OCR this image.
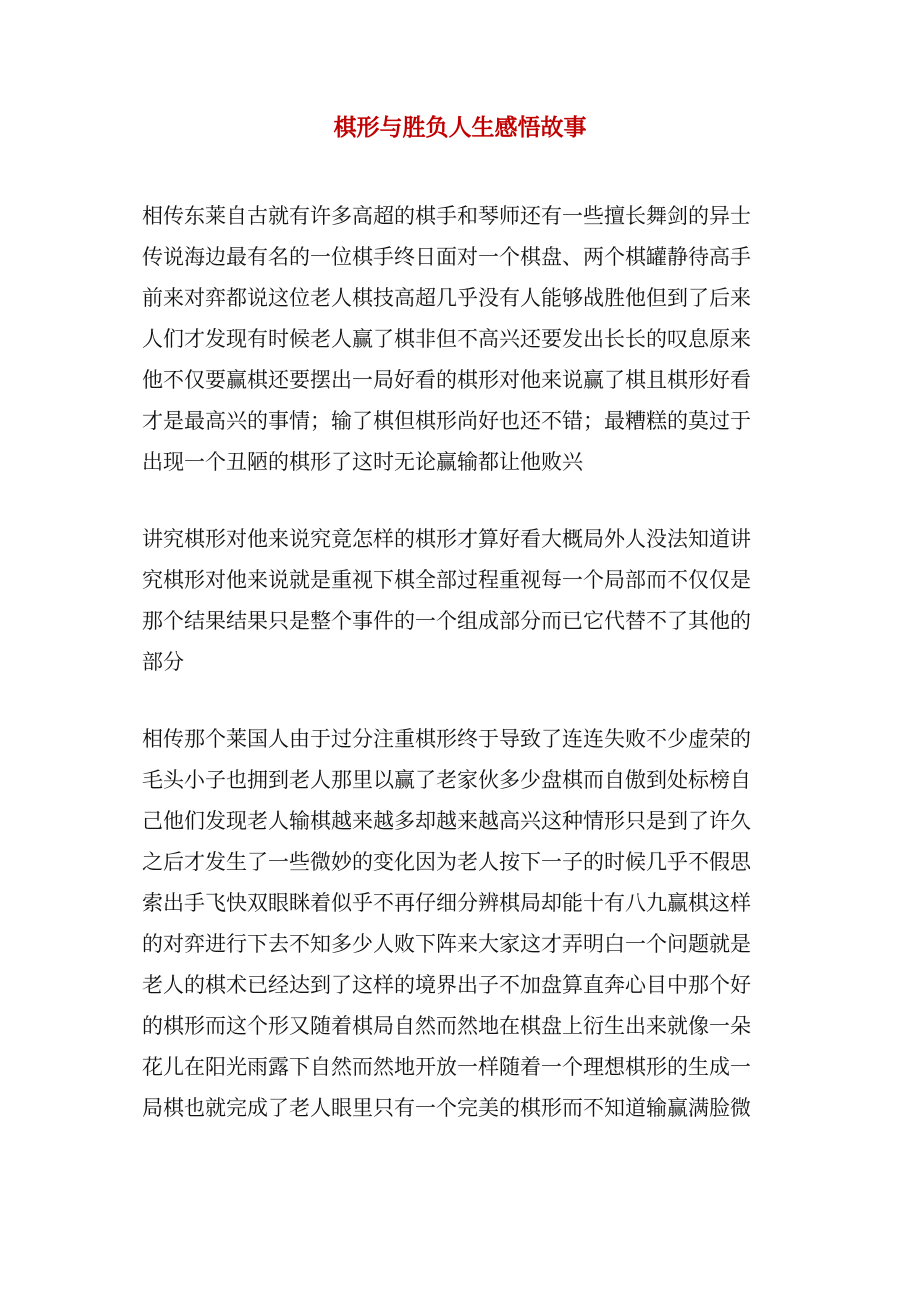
棋形与胜负人生感悟故事

相传东莱自古就有许多高超的棋手和琴师还有一些擅长舞剑的异士
传说海边最有名的一位棋手终日面对一个棋盘、两个棋罐静待高手
前来对弈都说这位老人棋技高超几乎没有人能够战胜他但到了后来
人们才发现有时候老人赢了棋非但不高兴还要发出长长的叹息原来
他不仅要赢棋还要摆出一局好看的棋形对他来说赢了棋且棋形好看
才是最高兴的事情；输了棋但棋形尚好也还不错；最糟糕的莫过于
出现一个丑陋的棋形了这时无论赢输都让他败兴

讲究棋形对他来说究竟怎样的棋形才算好看大概局外人没法知道讲
究棋形对他来说就是重视下棋全部过程重视每一个局部而不仅仅是
那个结果结果只是整个事件的一个组成部分而已它代替不了其他的
部分

相传那个莱国人由于过分注重棋形终于导致了连连失败不少虚荣的
毛头小子也拥到老人那里以赢了老家伙多少盘棋而自傲到处标榜自
己他们发现老人输棋越来越多却越来越高兴这种情形只是到了许久
之后才发生了一些微妙的变化因为老人按下一子的时候几乎不假思
索出手飞快双眼眯着似乎不再仔细分辨棋局却能十有八九赢棋这样
的对弈进行下去不知多少人败下阵来大家这才弄明白一个问题就是
老人的棋术已经达到了这样的境界出子不加盘算直奔心目中那个好
的棋形而这个形又随着棋局自然而然地在棋盘上衍生出来就像一朵
花儿在阳光雨露下自然而然地开放一样随着一个理想棋形的生成一
局棋也就完成了老人眼里只有一个完美的棋形而不知道输赢满脸微
